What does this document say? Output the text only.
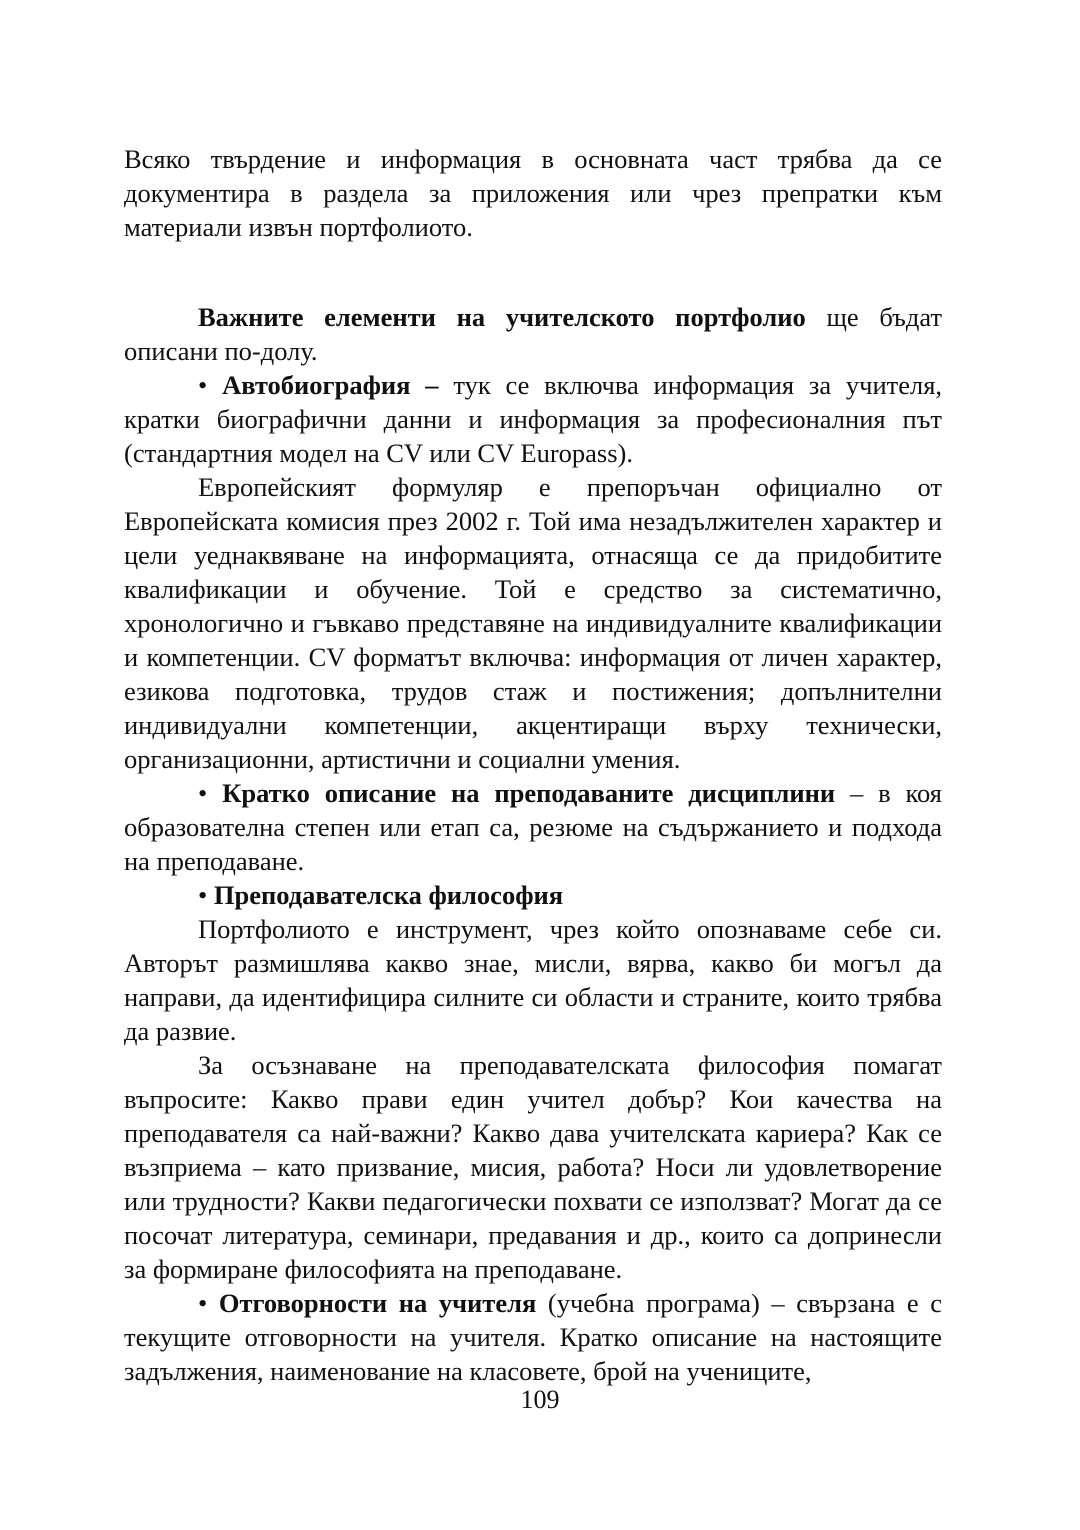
Всяко твърдение и информация в основната част трябва да се документира в раздела за приложения или чрез препратки към материали извън портфолиото.

Важните елементи на учителското портфолио ще бъдат описани по-долу.

• Автобиография – тук се включва информация за учителя, кратки биографични данни и информация за професионалния път (стандартния модел на CV или CV Europass).

Европейският формуляр е препоръчан официално от Европейската комисия през 2002 г. Той има незадължителен характер и цели уеднаквяване на информацията, отнасяща се да придобитите квалификации и обучение. Той е средство за систематично, хронологично и гъвкаво представяне на индивидуалните квалификации и компетенции. CV форматът включва: информация от личен характер, езикова подготовка, трудов стаж и постижения; допълнителни индивидуални компетенции, акцентиращи върху технически, организационни, артистични и социални умения.

• Кратко описание на преподаваните дисциплини – в коя образователна степен или етап са, резюме на съдържанието и подхода на преподаване.

• Преподавателска философия

Портфолиото е инструмент, чрез който опознаваме себе си. Авторът размишлява какво знае, мисли, вярва, какво би могъл да направи, да идентифицира силните си области и страните, които трябва да развие.

За осъзнаване на преподавателската философия помагат въпросите: Какво прави един учител добър? Кои качества на преподавателя са най-важни? Какво дава учителската кариера? Как се възприема – като призвание, мисия, работа? Носи ли удовлетворение или трудности? Какви педагогически похвати се използват? Могат да се посочат литература, семинари, предавания и др., които са допринесли за формиране философията на преподаване.

• Отговорности на учителя (учебна програма) – свързана е с текущите отговорности на учителя. Кратко описание на настоящите задължения, наименование на класовете, брой на учениците,

109
